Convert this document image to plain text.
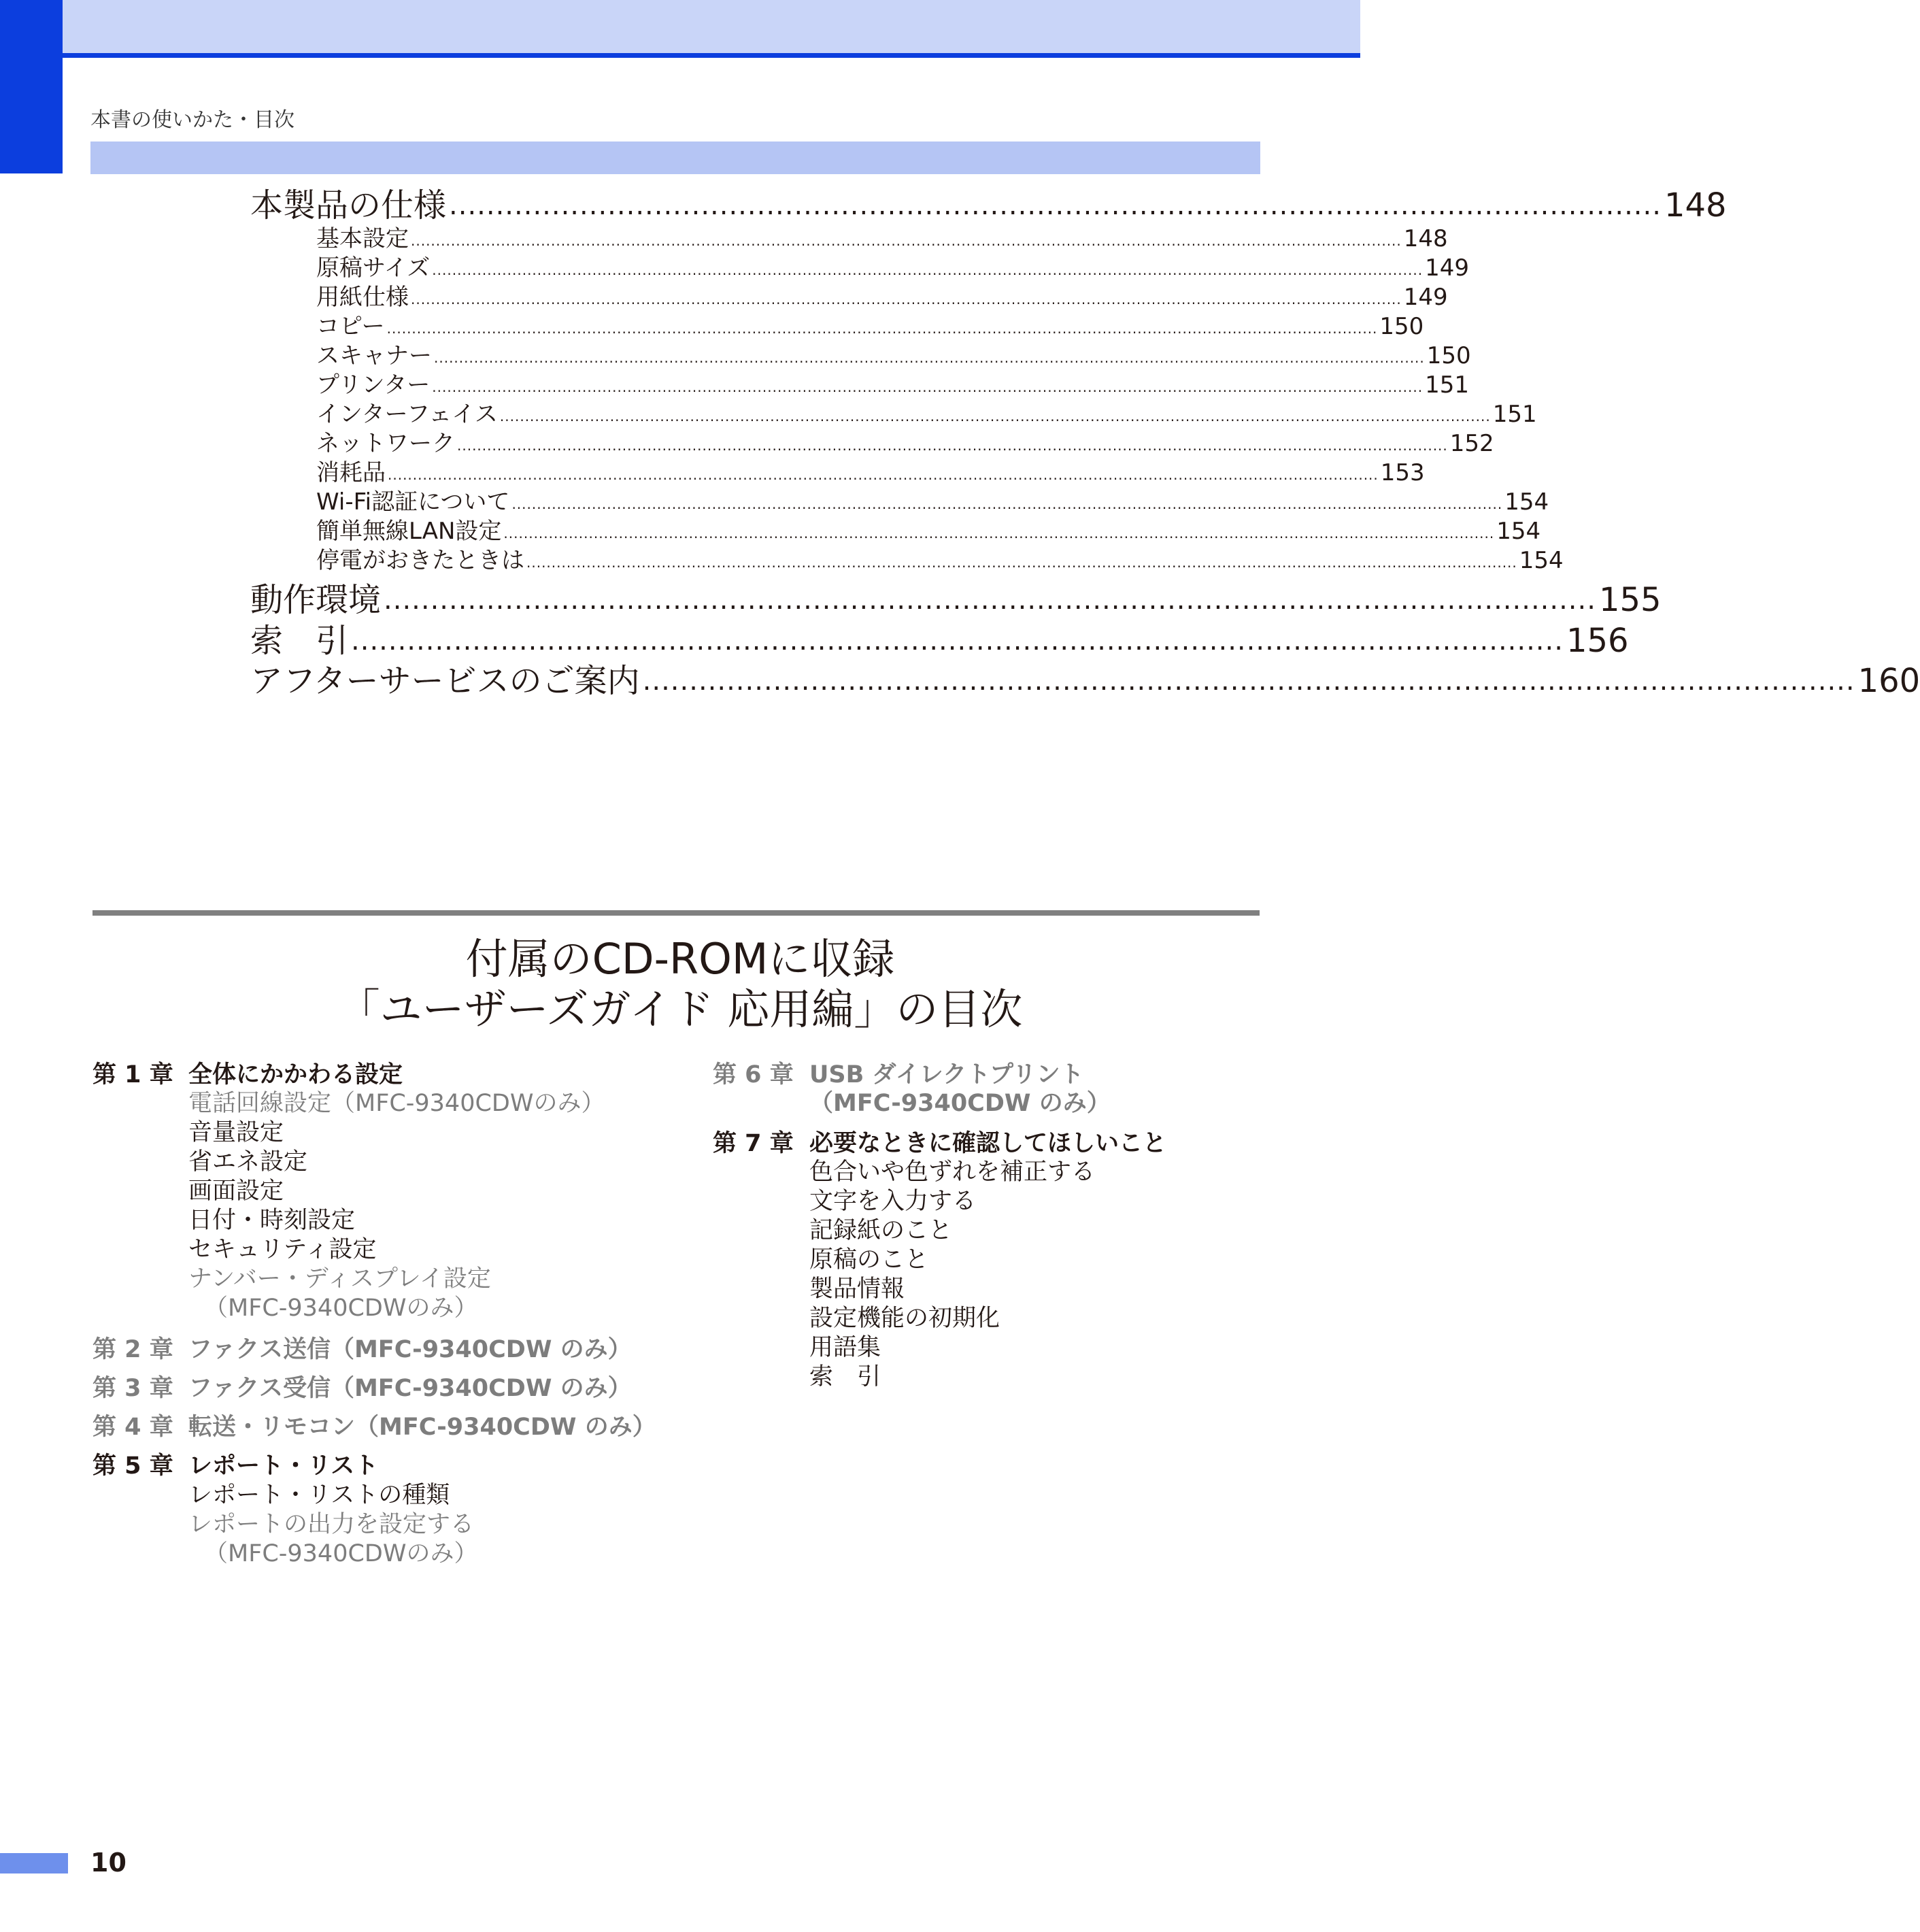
本書の使いかた・目次
本製品の仕様 .................................................................................................................................. 148
基本設定 ...................................................................................................................................................................................................... 148
原稿サイズ ...................................................................................................................................................................................................... 149
用紙仕様 ...................................................................................................................................................................................................... 149
コピー ...................................................................................................................................................................................................... 150
スキャナー ...................................................................................................................................................................................................... 150
プリンター ...................................................................................................................................................................................................... 151
インターフェイス ...................................................................................................................................................................................................... 151
ネットワーク ...................................................................................................................................................................................................... 152
消耗品 ...................................................................................................................................................................................................... 153
Wi-Fi認証について ...................................................................................................................................................................................................... 154
簡単無線LAN設定 ...................................................................................................................................................................................................... 154
停電がおきたときは ...................................................................................................................................................................................................... 154
動作環境 .................................................................................................................................. 155
索　引 .................................................................................................................................. 156
アフターサービスのご案内 .................................................................................................................................. 160
付属のCD-ROMに収録
「ユーザーズガイド 応用編」の目次
第 1 章 全体にかかわる設定
電話回線設定（MFC-9340CDWのみ）
音量設定
省エネ設定
画面設定
日付・時刻設定
セキュリティ設定
ナンバー・ディスプレイ設定
（MFC-9340CDWのみ）
第 2 章 ファクス送信（MFC-9340CDW のみ）
第 3 章 ファクス受信（MFC-9340CDW のみ）
第 4 章 転送・リモコン（MFC-9340CDW のみ）
第 5 章 レポート・リスト
レポート・リストの種類
レポートの出力を設定する
（MFC-9340CDWのみ）
第 6 章 USB ダイレクトプリント
（MFC-9340CDW のみ）
第 7 章 必要なときに確認してほしいこと
色合いや色ずれを補正する
文字を入力する
記録紙のこと
原稿のこと
製品情報
設定機能の初期化
用語集
索　引
10
